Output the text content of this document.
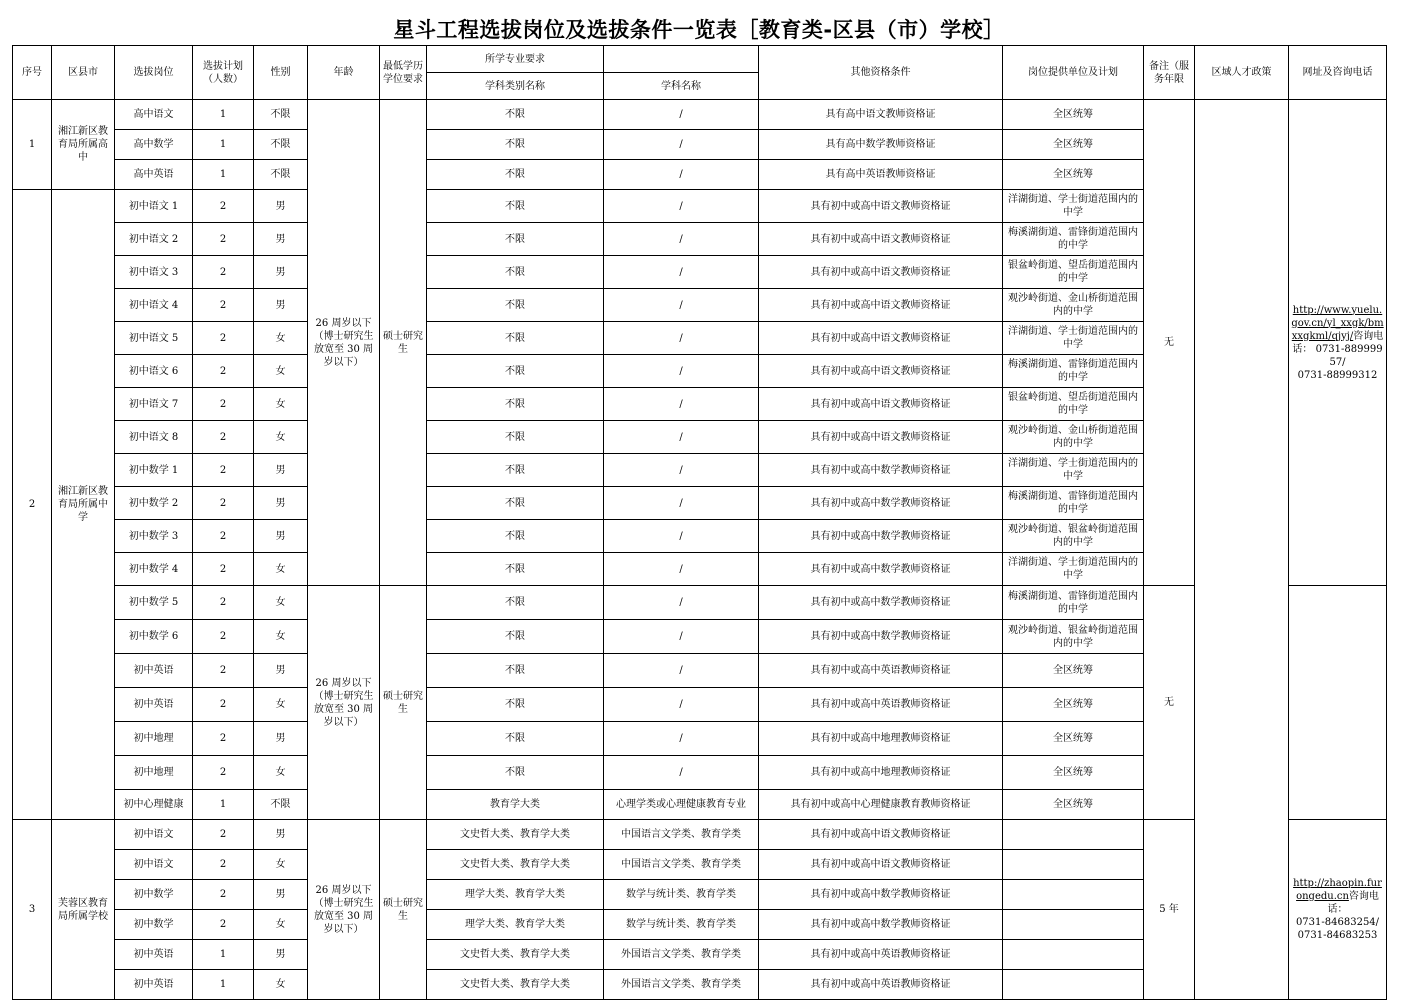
星斗工程选拔岗位及选拔条件一览表［教育类-区县（市）学校］
序号	区县市	选拔岗位	选拔计划（人数）	性别	年龄	最低学历学位要求	所学专业要求		其他资格条件	岗位提供单位及计划	备注（服务年限	区域人才政策	网址及咨询电话
							学科类别名称	学科名称					
1	湘江新区教育局所属高中	高中语文	1	不限	26 周岁以下（博士研究生放宽至 30 周岁以下）	硕士研究生	不限	/	具有高中语文教师资格证	全区统筹	无		http://www.yuelu.gov.cn/yl_xxgk/bmxxgkml/qjyj/咨询电话： 0731-88999957/
0731-88999312
		高中数学	1	不限			不限	/	具有高中数学教师资格证	全区统筹			
		高中英语	1	不限			不限	/	具有高中英语教师资格证	全区统筹			
2	湘江新区教育局所属中学	初中语文 1	2	男			不限	/	具有初中或高中语文教师资格证	洋湖街道、学士街道范围内的中学			
		初中语文 2	2	男			不限	/	具有初中或高中语文教师资格证	梅溪湖街道、雷锋街道范围内的中学			
		初中语文 3	2	男			不限	/	具有初中或高中语文教师资格证	银盆岭街道、望岳街道范围内的中学			
		初中语文 4	2	男			不限	/	具有初中或高中语文教师资格证	观沙岭街道、金山桥街道范围内的中学			
		初中语文 5	2	女			不限	/	具有初中或高中语文教师资格证	洋湖街道、学士街道范围内的中学			
		初中语文 6	2	女			不限	/	具有初中或高中语文教师资格证	梅溪湖街道、雷锋街道范围内的中学			
		初中语文 7	2	女			不限	/	具有初中或高中语文教师资格证	银盆岭街道、望岳街道范围内的中学			
		初中语文 8	2	女			不限	/	具有初中或高中语文教师资格证	观沙岭街道、金山桥街道范围内的中学			
		初中数学 1	2	男			不限	/	具有初中或高中数学教师资格证	洋湖街道、学士街道范围内的中学			
		初中数学 2	2	男			不限	/	具有初中或高中数学教师资格证	梅溪湖街道、雷锋街道范围内的中学			
		初中数学 3	2	男			不限	/	具有初中或高中数学教师资格证	观沙岭街道、银盆岭街道范围内的中学			
		初中数学 4	2	女			不限	/	具有初中或高中数学教师资格证	洋湖街道、学士街道范围内的中学			
		初中数学 5	2	女	26 周岁以下（博士研究生放宽至 30 周岁以下）	硕士研究生	不限	/	具有初中或高中数学教师资格证	梅溪湖街道、雷锋街道范围内的中学	无		
		初中数学 6	2	女			不限	/	具有初中或高中数学教师资格证	观沙岭街道、银盆岭街道范围内的中学			
		初中英语	2	男			不限	/	具有初中或高中英语教师资格证	全区统筹			
		初中英语	2	女			不限	/	具有初中或高中英语教师资格证	全区统筹			
		初中地理	2	男			不限	/	具有初中或高中地理教师资格证	全区统筹			
		初中地理	2	女			不限	/	具有初中或高中地理教师资格证	全区统筹			
		初中心理健康	1	不限			教育学大类	心理学类或心理健康教育专业	具有初中或高中心理健康教育教师资格证	全区统筹			
3	芙蓉区教育局所属学校	初中语文	2	男	26 周岁以下（博士研究生放宽至 30 周岁以下）	硕士研究生	文史哲大类、教育学大类	中国语言文学类、教育学类	具有初中或高中语文教师资格证		5 年		http://zhaopin.furongedu.cn咨询电话：
0731-84683254/
0731-84683253
		初中语文	2	女			文史哲大类、教育学大类	中国语言文学类、教育学类	具有初中或高中语文教师资格证				
		初中数学	2	男			理学大类、教育学大类	数学与统计类、教育学类	具有初中或高中数学教师资格证				
		初中数学	2	女			理学大类、教育学大类	数学与统计类、教育学类	具有初中或高中数学教师资格证				
		初中英语	1	男			文史哲大类、教育学大类	外国语言文学类、教育学类	具有初中或高中英语教师资格证				
		初中英语	1	女			文史哲大类、教育学大类	外国语言文学类、教育学类	具有初中或高中英语教师资格证				
